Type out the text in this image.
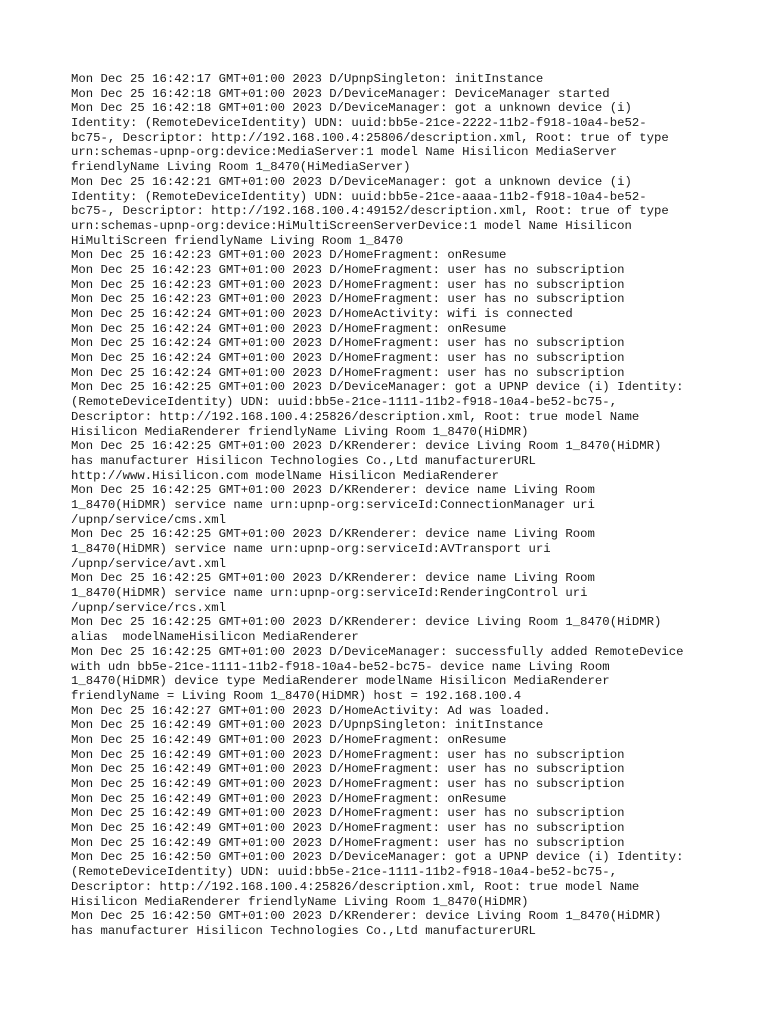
Mon Dec 25 16:42:17 GMT+01:00 2023 D/UpnpSingleton: initInstance
Mon Dec 25 16:42:18 GMT+01:00 2023 D/DeviceManager: DeviceManager started
Mon Dec 25 16:42:18 GMT+01:00 2023 D/DeviceManager: got a unknown device (i)
Identity: (RemoteDeviceIdentity) UDN: uuid:bb5e-21ce-2222-11b2-f918-10a4-be52-
bc75-, Descriptor: http://192.168.100.4:25806/description.xml, Root: true of type
urn:schemas-upnp-org:device:MediaServer:1 model Name Hisilicon MediaServer
friendlyName Living Room 1_8470(HiMediaServer)
Mon Dec 25 16:42:21 GMT+01:00 2023 D/DeviceManager: got a unknown device (i)
Identity: (RemoteDeviceIdentity) UDN: uuid:bb5e-21ce-aaaa-11b2-f918-10a4-be52-
bc75-, Descriptor: http://192.168.100.4:49152/description.xml, Root: true of type
urn:schemas-upnp-org:device:HiMultiScreenServerDevice:1 model Name Hisilicon
HiMultiScreen friendlyName Living Room 1_8470
Mon Dec 25 16:42:23 GMT+01:00 2023 D/HomeFragment: onResume
Mon Dec 25 16:42:23 GMT+01:00 2023 D/HomeFragment: user has no subscription
Mon Dec 25 16:42:23 GMT+01:00 2023 D/HomeFragment: user has no subscription
Mon Dec 25 16:42:23 GMT+01:00 2023 D/HomeFragment: user has no subscription
Mon Dec 25 16:42:24 GMT+01:00 2023 D/HomeActivity: wifi is connected
Mon Dec 25 16:42:24 GMT+01:00 2023 D/HomeFragment: onResume
Mon Dec 25 16:42:24 GMT+01:00 2023 D/HomeFragment: user has no subscription
Mon Dec 25 16:42:24 GMT+01:00 2023 D/HomeFragment: user has no subscription
Mon Dec 25 16:42:24 GMT+01:00 2023 D/HomeFragment: user has no subscription
Mon Dec 25 16:42:25 GMT+01:00 2023 D/DeviceManager: got a UPNP device (i) Identity:
(RemoteDeviceIdentity) UDN: uuid:bb5e-21ce-1111-11b2-f918-10a4-be52-bc75-,
Descriptor: http://192.168.100.4:25826/description.xml, Root: true model Name
Hisilicon MediaRenderer friendlyName Living Room 1_8470(HiDMR)
Mon Dec 25 16:42:25 GMT+01:00 2023 D/KRenderer: device Living Room 1_8470(HiDMR)
has manufacturer Hisilicon Technologies Co.,Ltd manufacturerURL
http://www.Hisilicon.com modelName Hisilicon MediaRenderer
Mon Dec 25 16:42:25 GMT+01:00 2023 D/KRenderer: device name Living Room
1_8470(HiDMR) service name urn:upnp-org:serviceId:ConnectionManager uri
/upnp/service/cms.xml
Mon Dec 25 16:42:25 GMT+01:00 2023 D/KRenderer: device name Living Room
1_8470(HiDMR) service name urn:upnp-org:serviceId:AVTransport uri
/upnp/service/avt.xml
Mon Dec 25 16:42:25 GMT+01:00 2023 D/KRenderer: device name Living Room
1_8470(HiDMR) service name urn:upnp-org:serviceId:RenderingControl uri
/upnp/service/rcs.xml
Mon Dec 25 16:42:25 GMT+01:00 2023 D/KRenderer: device Living Room 1_8470(HiDMR)
alias  modelNameHisilicon MediaRenderer
Mon Dec 25 16:42:25 GMT+01:00 2023 D/DeviceManager: successfully added RemoteDevice
with udn bb5e-21ce-1111-11b2-f918-10a4-be52-bc75- device name Living Room
1_8470(HiDMR) device type MediaRenderer modelName Hisilicon MediaRenderer
friendlyName = Living Room 1_8470(HiDMR) host = 192.168.100.4
Mon Dec 25 16:42:27 GMT+01:00 2023 D/HomeActivity: Ad was loaded.
Mon Dec 25 16:42:49 GMT+01:00 2023 D/UpnpSingleton: initInstance
Mon Dec 25 16:42:49 GMT+01:00 2023 D/HomeFragment: onResume
Mon Dec 25 16:42:49 GMT+01:00 2023 D/HomeFragment: user has no subscription
Mon Dec 25 16:42:49 GMT+01:00 2023 D/HomeFragment: user has no subscription
Mon Dec 25 16:42:49 GMT+01:00 2023 D/HomeFragment: user has no subscription
Mon Dec 25 16:42:49 GMT+01:00 2023 D/HomeFragment: onResume
Mon Dec 25 16:42:49 GMT+01:00 2023 D/HomeFragment: user has no subscription
Mon Dec 25 16:42:49 GMT+01:00 2023 D/HomeFragment: user has no subscription
Mon Dec 25 16:42:49 GMT+01:00 2023 D/HomeFragment: user has no subscription
Mon Dec 25 16:42:50 GMT+01:00 2023 D/DeviceManager: got a UPNP device (i) Identity:
(RemoteDeviceIdentity) UDN: uuid:bb5e-21ce-1111-11b2-f918-10a4-be52-bc75-,
Descriptor: http://192.168.100.4:25826/description.xml, Root: true model Name
Hisilicon MediaRenderer friendlyName Living Room 1_8470(HiDMR)
Mon Dec 25 16:42:50 GMT+01:00 2023 D/KRenderer: device Living Room 1_8470(HiDMR)
has manufacturer Hisilicon Technologies Co.,Ltd manufacturerURL
